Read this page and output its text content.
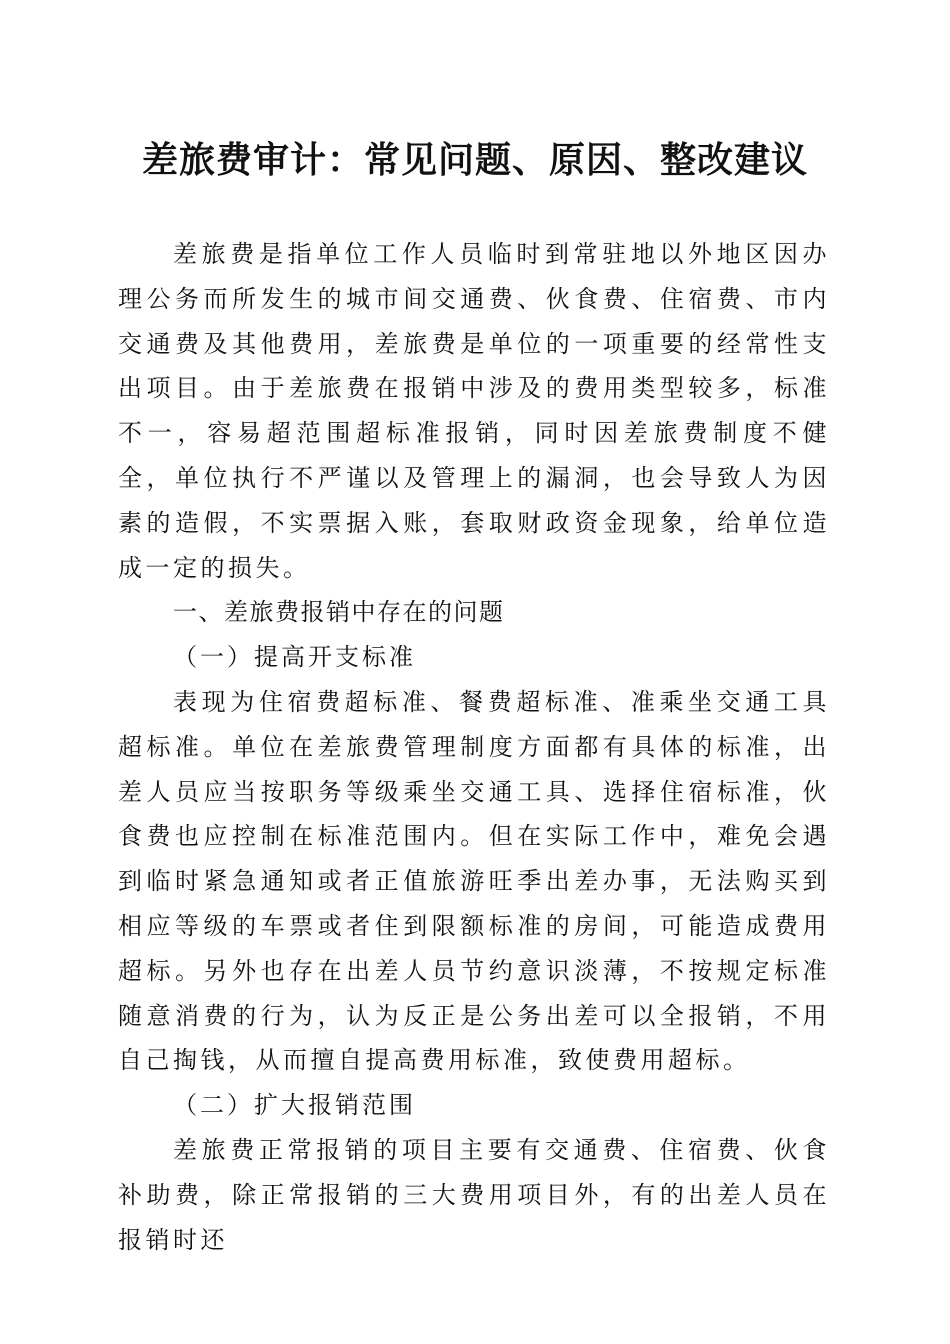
差旅费审计：常见问题、原因、整改建议

差旅费是指单位工作人员临时到常驻地以外地区因办理公务而所发生的城市间交通费、伙食费、住宿费、市内交通费及其他费用，差旅费是单位的一项重要的经常性支出项目。由于差旅费在报销中涉及的费用类型较多，标准不一，容易超范围超标准报销，同时因差旅费制度不健全，单位执行不严谨以及管理上的漏洞，也会导致人为因素的造假，不实票据入账，套取财政资金现象，给单位造成一定的损失。

一、差旅费报销中存在的问题

（一）提高开支标准

表现为住宿费超标准、餐费超标准、准乘坐交通工具超标准。单位在差旅费管理制度方面都有具体的标准，出差人员应当按职务等级乘坐交通工具、选择住宿标准，伙食费也应控制在标准范围内。但在实际工作中，难免会遇到临时紧急通知或者正值旅游旺季出差办事，无法购买到相应等级的车票或者住到限额标准的房间，可能造成费用超标。另外也存在出差人员节约意识淡薄，不按规定标准随意消费的行为，认为反正是公务出差可以全报销，不用自己掏钱，从而擅自提高费用标准，致使费用超标。

（二）扩大报销范围

差旅费正常报销的项目主要有交通费、住宿费、伙食补助费，除正常报销的三大费用项目外，有的出差人员在报销时还
